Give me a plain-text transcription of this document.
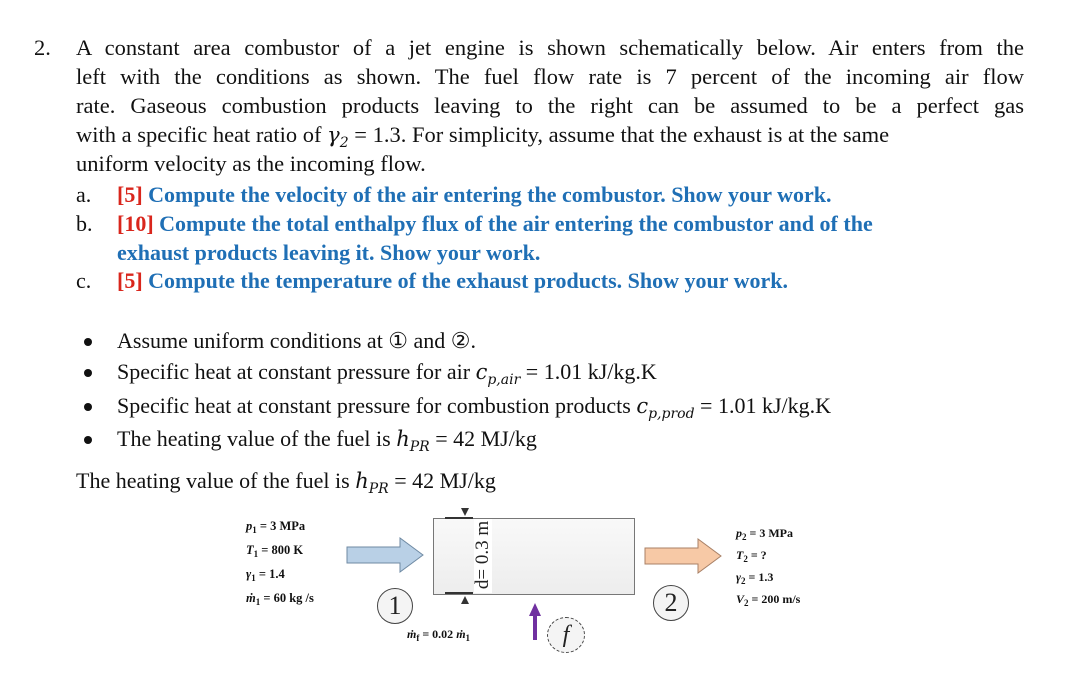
2. A constant area combustor of a jet engine is shown schematically below. Air enters from the
left with the conditions as shown. The fuel flow rate is 7 percent of the incoming air flow
rate. Gaseous combustion products leaving to the right can be assumed to be a perfect gas
with a specific heat ratio of $\gamma_2 = 1.3$. For simplicity, assume that the exhaust is at the same
uniform velocity as the incoming flow.
a. [5] Compute the velocity of the air entering the combustor. Show your work.
b. [10] Compute the total enthalpy flux of the air entering the combustor and of the
exhaust products leaving it. Show your work.
c. [5] Compute the temperature of the exhaust products. Show your work.
Assume uniform conditions at ① and ②.
Specific heat at constant pressure for air $c_{p,air} = 1.01$ kJ/kg.K
Specific heat at constant pressure for combustion products $c_{p,prod} = 1.01$ kJ/kg.K
The heating value of the fuel is $h_{PR} = 42$ MJ/kg
The heating value of the fuel is $h_{PR} = 42$ MJ/kg
$p_1 = 3$ MPa
$T_1 = 800$ K
$\gamma_1 = 1.4$
ṁ$_1$ = 60 kg /s	1
d= 0.3 m
ṁ$_f$ = 0.02 ṁ$_1$	f
2
$p_2 = 3$ MPa
$T_2$ = ?
$\gamma_2 = 1.3$
$V_2 = 200$ m/s
